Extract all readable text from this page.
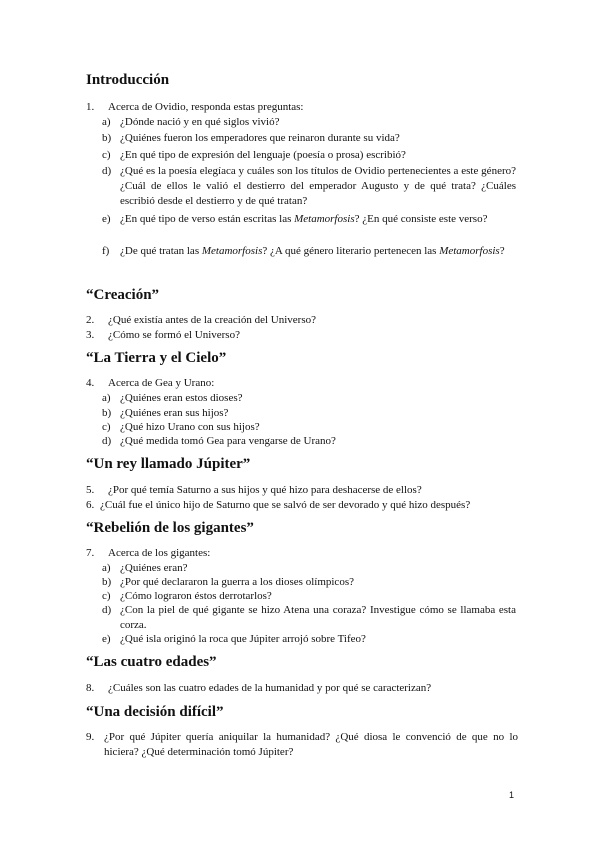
Introducción
1. Acerca de Ovidio, responda estas preguntas:
a) ¿Dónde nació y en qué siglos vivió?
b) ¿Quiénes fueron los emperadores que reinaron durante su vida?
c) ¿En qué tipo de expresión del lenguaje (poesía o prosa) escribió?
d) ¿Qué es la poesía elegíaca y cuáles son los títulos de Ovidio pertenecientes a este género? ¿Cuál de ellos le valió el destierro del emperador Augusto y de qué trata? ¿Cuáles escribió desde el destierro y de qué tratan?
e) ¿En qué tipo de verso están escritas las Metamorfosis? ¿En qué consiste este verso?
f) ¿De qué tratan las Metamorfosis? ¿A qué género literario pertenecen las Metamorfosis?
“Creación”
2. ¿Qué existía antes de la creación del Universo?
3. ¿Cómo se formó el Universo?
“La Tierra y el Cielo”
4. Acerca de Gea y Urano:
a) ¿Quiénes eran estos dioses?
b) ¿Quiénes eran sus hijos?
c) ¿Qué hizo Urano con sus hijos?
d) ¿Qué medida tomó Gea para vengarse de Urano?
“Un rey llamado Júpiter”
5. ¿Por qué temía Saturno a sus hijos y qué hizo para deshacerse de ellos?
6. ¿Cuál fue el único hijo de Saturno que se salvó de ser devorado y qué hizo después?
“Rebelión de los gigantes”
7. Acerca de los gigantes:
a) ¿Quiénes eran?
b) ¿Por qué declararon la guerra a los dioses olímpicos?
c) ¿Cómo lograron éstos derrotarlos?
d) ¿Con la piel de qué gigante se hizo Atena una coraza? Investigue cómo se llamaba esta corza.
e) ¿Qué isla originó la roca que Júpiter arrojó sobre Tifeo?
“Las cuatro edades”
8. ¿Cuáles son las cuatro edades de la humanidad y por qué se caracterizan?
“Una decisión difícil”
9. ¿Por qué Júpiter quería aniquilar la humanidad? ¿Qué diosa le convenció de que no lo hiciera? ¿Qué determinación tomó Júpiter?
1
